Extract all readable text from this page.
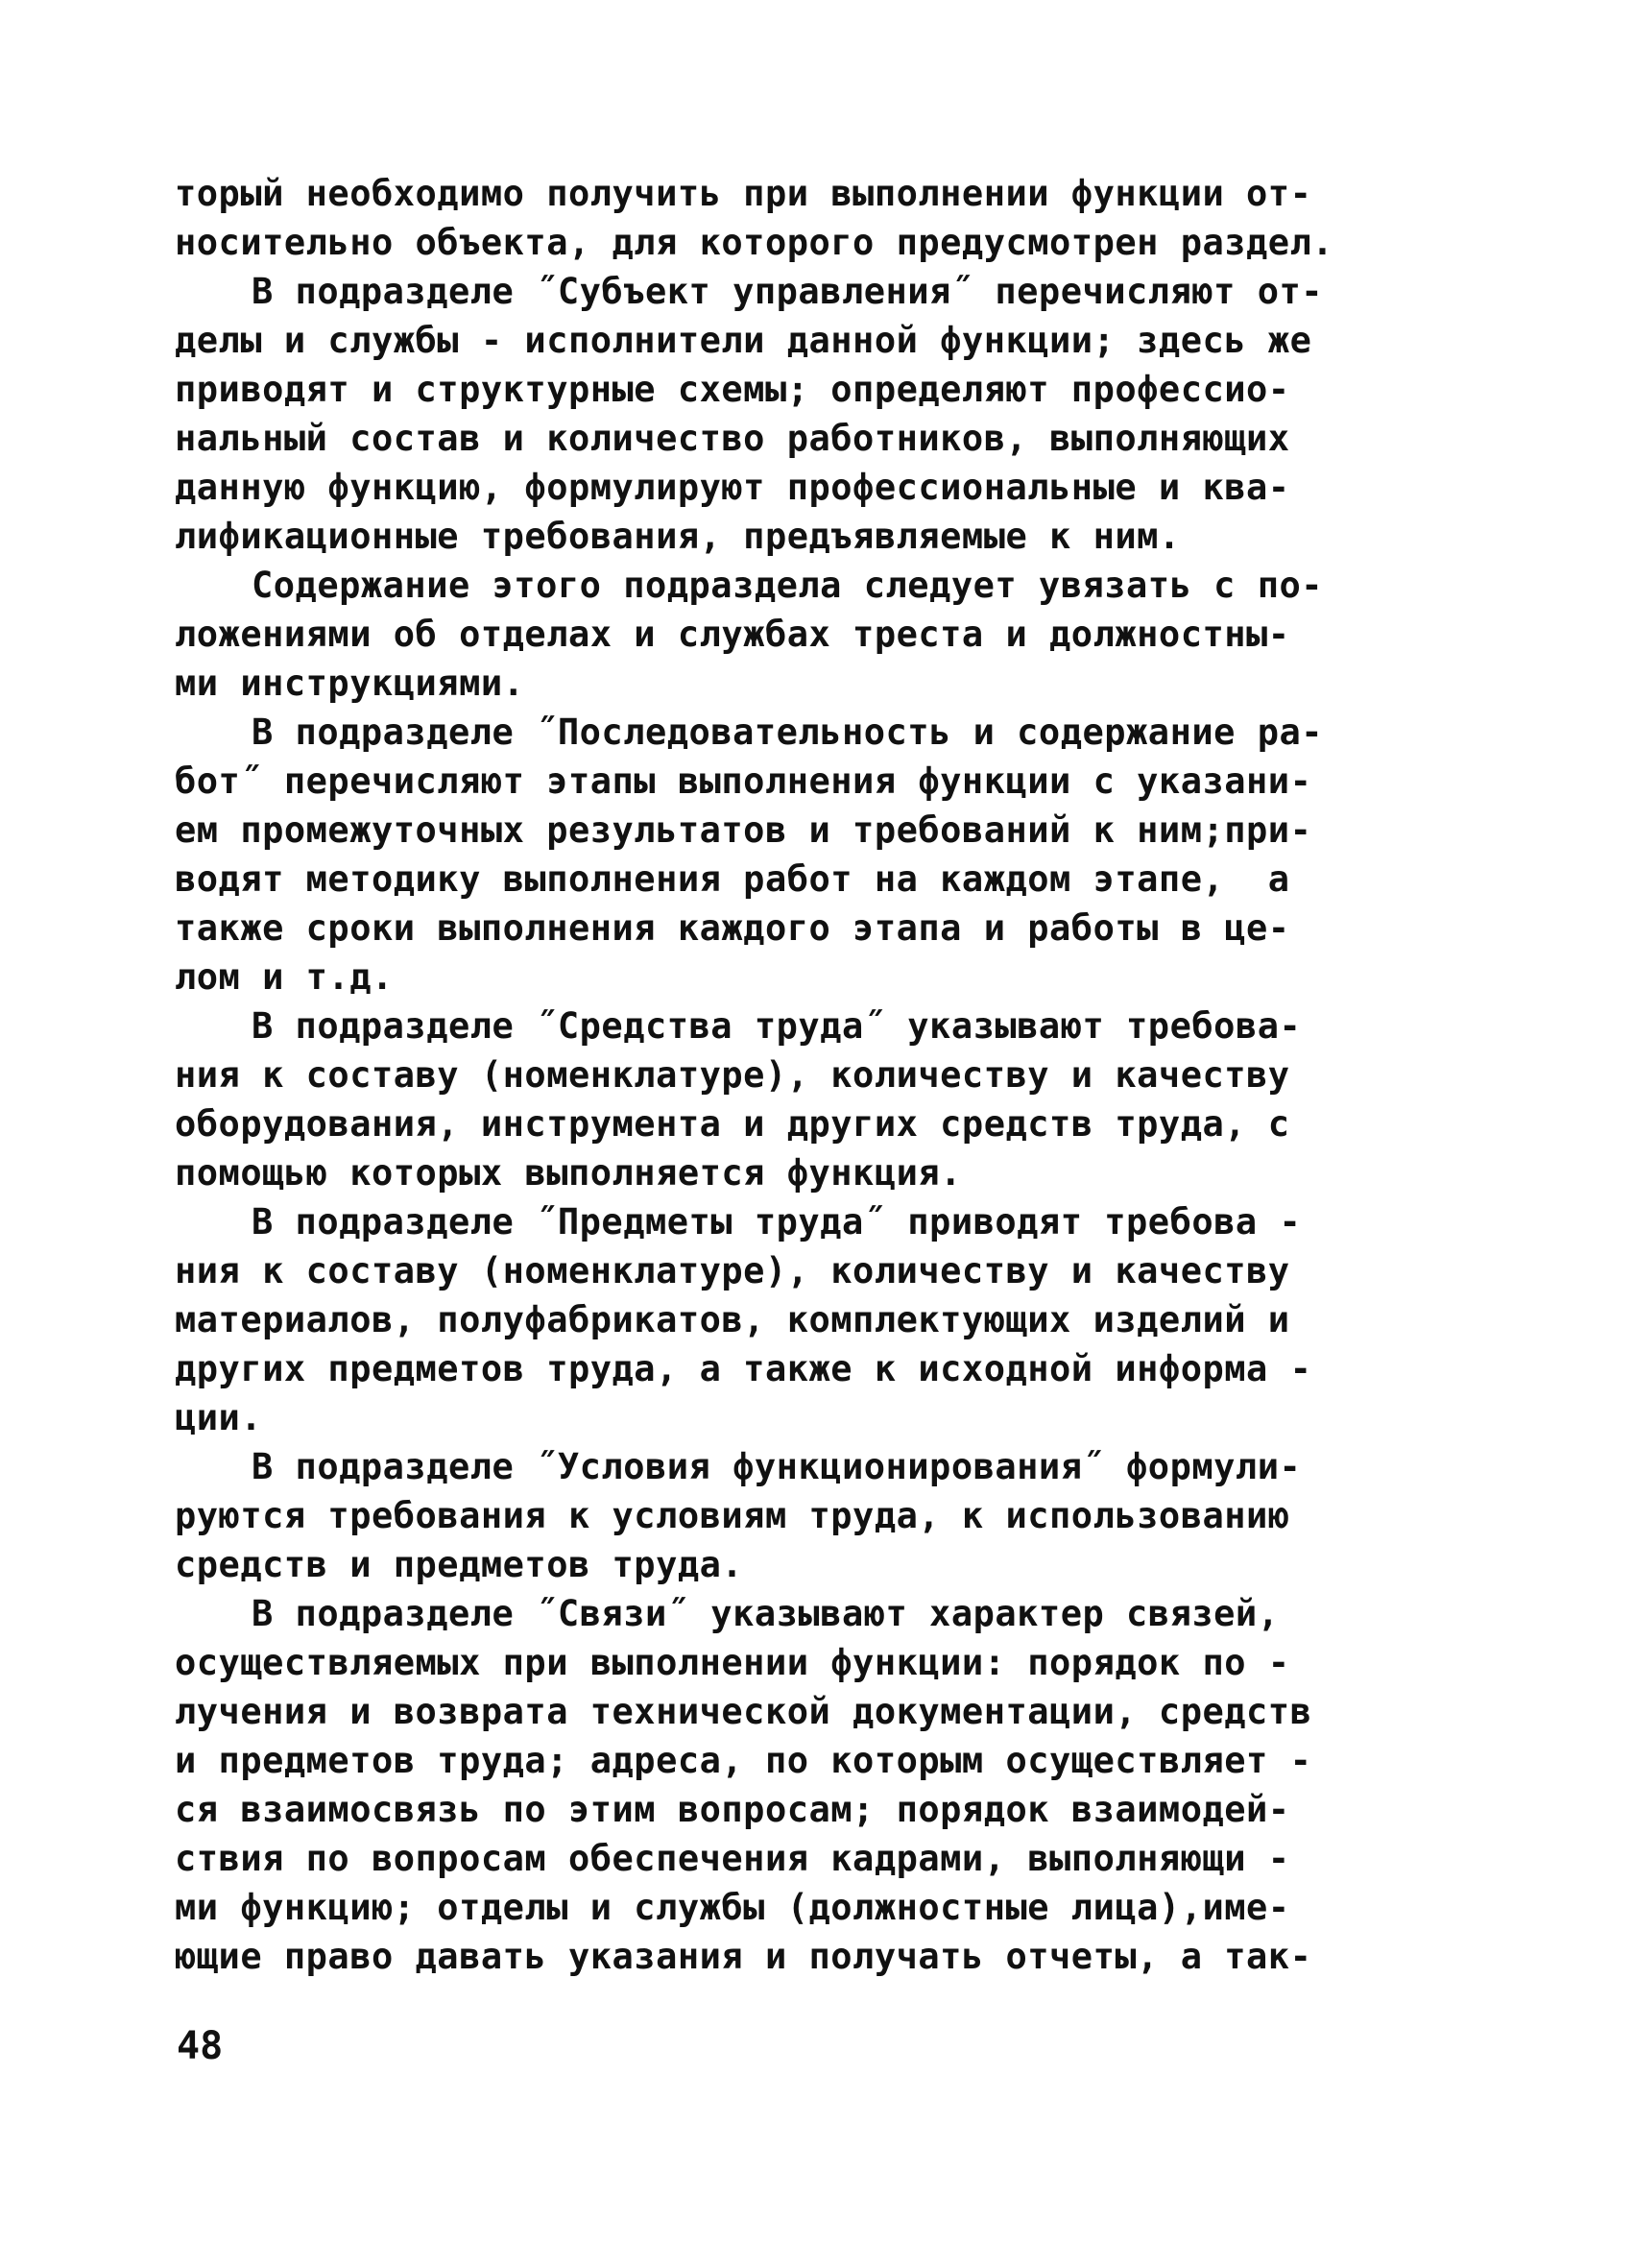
торый необходимо получить при выполнении функции от-
носительно объекта, для которого предусмотрен раздел.
В подразделе ˝Субъект управления˝ перечисляют от-
делы и службы - исполнители данной функции; здесь же
приводят и структурные схемы; определяют профессио-
нальный состав и количество работников, выполняющих
данную функцию, формулируют профессиональные и ква-
лификационные требования, предъявляемые к ним.
Содержание этого подраздела следует увязать с по-
ложениями об отделах и службах треста и должностны-
ми инструкциями.
В подразделе ˝Последовательность и содержание ра-
бот˝ перечисляют этапы выполнения функции с указани-
ем промежуточных результатов и требований к ним;при-
водят методику выполнения работ на каждом этапе,  а
также сроки выполнения каждого этапа и работы в це-
лом и т.д.
В подразделе ˝Средства труда˝ указывают требова-
ния к составу (номенклатуре), количеству и качеству
оборудования, инструмента и других средств труда, с
помощью которых выполняется функция.
В подразделе ˝Предметы труда˝ приводят требова -
ния к составу (номенклатуре), количеству и качеству
материалов, полуфабрикатов, комплектующих изделий и
других предметов труда, а также к исходной информа -
ции.
В подразделе ˝Условия функционирования˝ формули-
руются требования к условиям труда, к использованию
средств и предметов труда.
В подразделе ˝Связи˝ указывают характер связей,
осуществляемых при выполнении функции: порядок по -
лучения и возврата технической документации, средств
и предметов труда; адреса, по которым осуществляет -
ся взаимосвязь по этим вопросам; порядок взаимодей-
ствия по вопросам обеспечения кадрами, выполняющи -
ми функцию; отделы и службы (должностные лица),име-
ющие право давать указания и получать отчеты, а так-
48
